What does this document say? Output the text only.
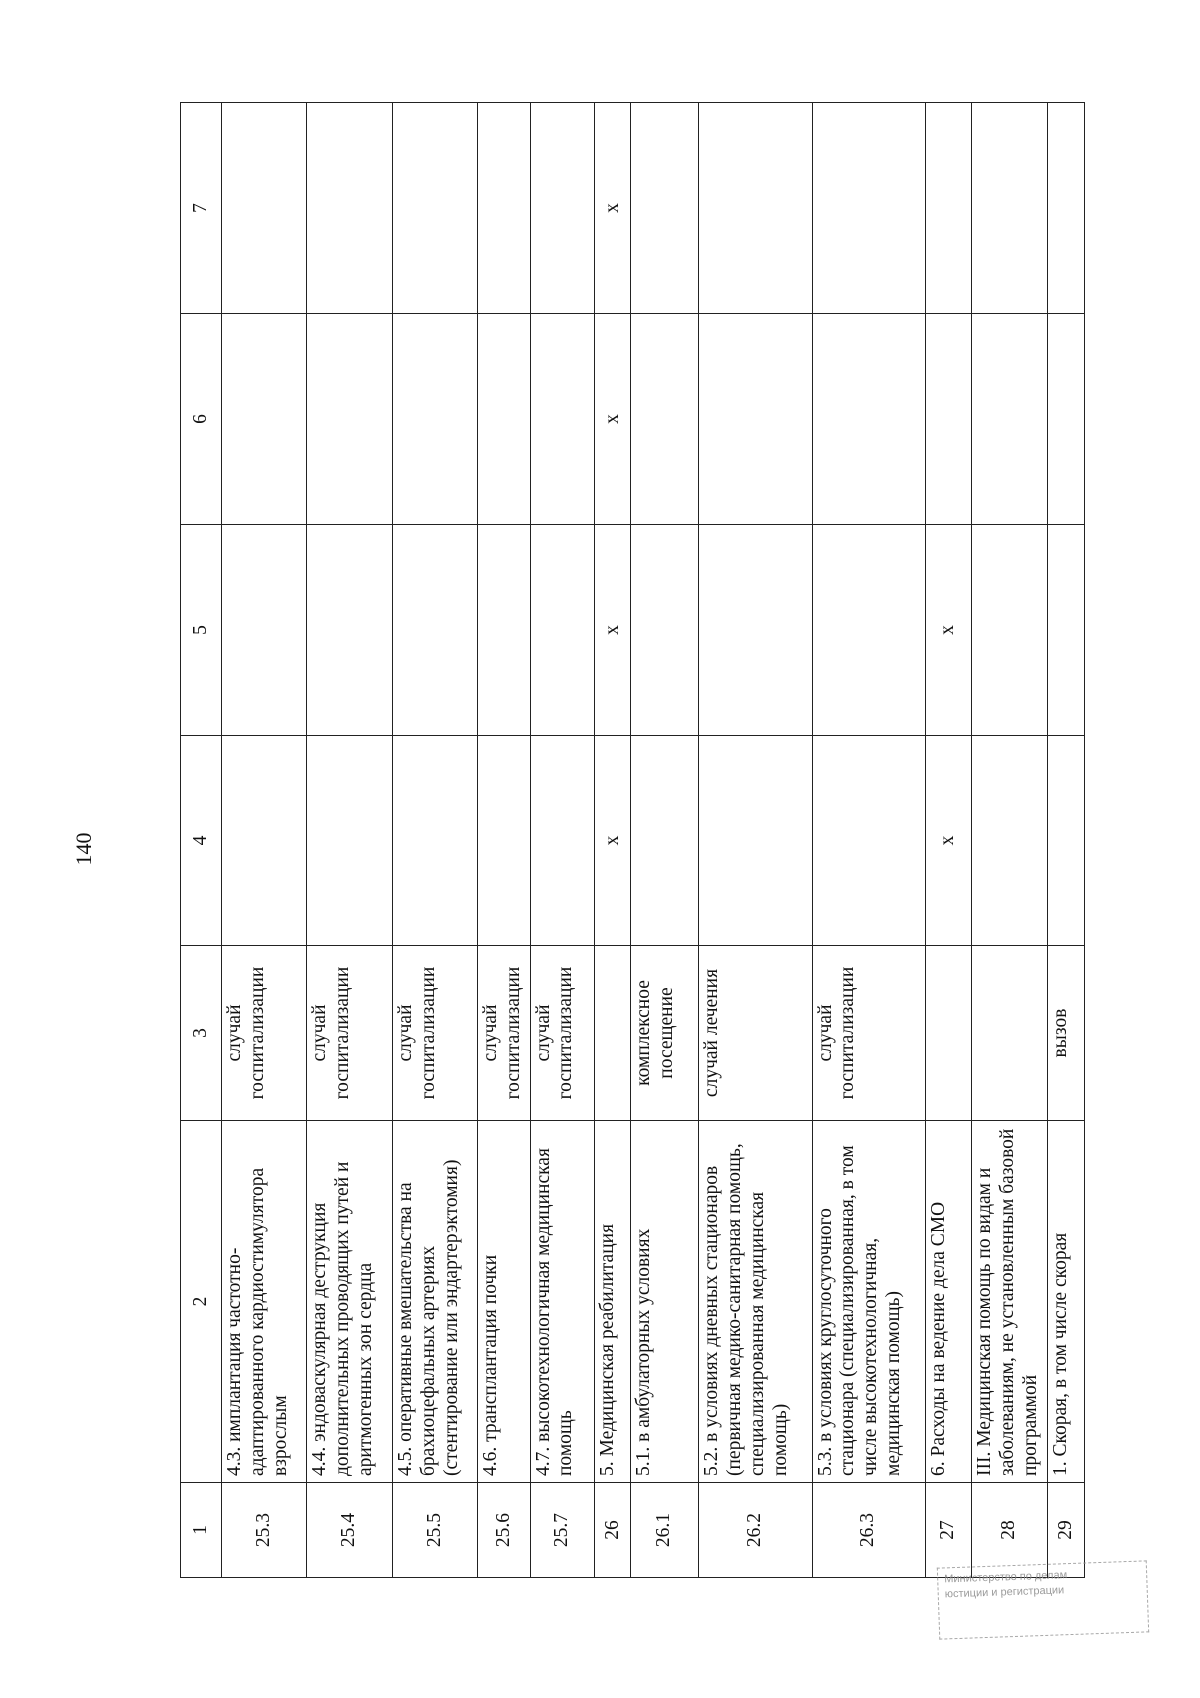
140
1	2	3	4	5	6	7
25.3	4.3. имплантация частотно-адаптированного кардиостимулятора взрослым	случай госпитализации				
25.4	4.4. эндоваскулярная деструкция дополнительных проводящих путей и аритмогенных зон сердца	случай госпитализации				
25.5	4.5. оперативные вмешательства на брахиоцефальных артериях (стентирование или эндартерэктомия)	случай госпитализации				
25.6	4.6. трансплантация почки	случай госпитализации				
25.7	4.7. высокотехнологичная медицинская помощь	случай госпитализации				
26	5. Медицинская реабилитация		x	x	x	x
26.1	5.1. в амбулаторных условиях	комплексное посещение				
26.2	5.2. в условиях дневных стационаров (первичная медико-санитарная помощь, специализированная медицинская помощь)	случай лечения				
26.3	5.3. в условиях круглосуточного стационара (специализированная, в том числе высокотехнологичная, медицинская помощь)	случай госпитализации				
27	6. Расходы на ведение дела СМО		x	x		
28	III. Медицинская помощь по видам и заболеваниям, не установленным базовой программой					
29	1. Скорая, в том числе скорая	вызов				
Министерство по делам
юстиции и регистрации
